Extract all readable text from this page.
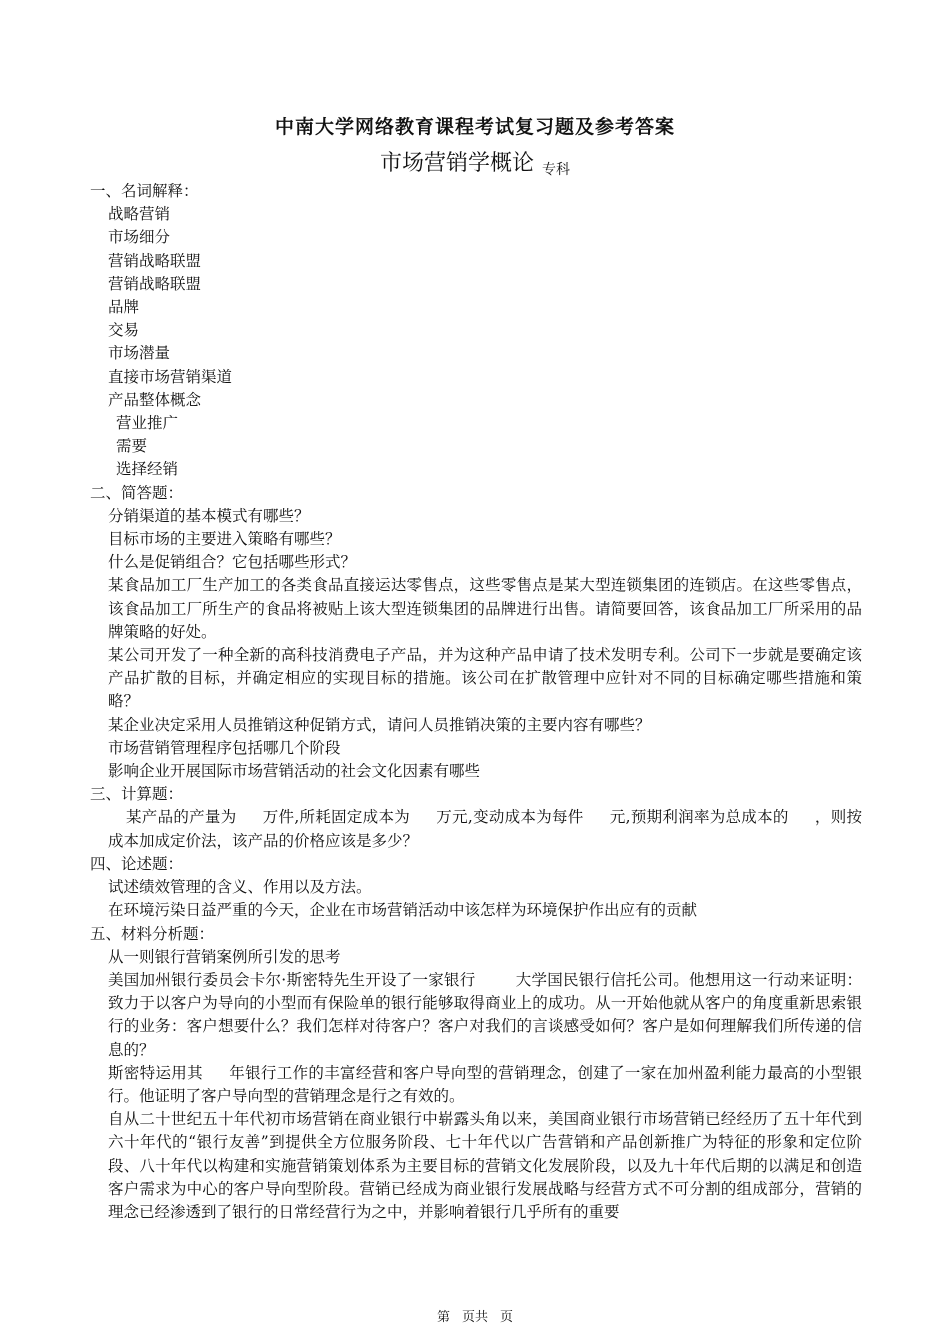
中南大学网络教育课程考试复习题及参考答案
市场营销学概论 专科
一、名词解释：
战略营销
市场细分
营销战略联盟
营销战略联盟
品牌
交易
市场潜量
直接市场营销渠道
产品整体概念
营业推广
需要
选择经销
二、简答题：
分销渠道的基本模式有哪些？
目标市场的主要进入策略有哪些？
什么是促销组合？它包括哪些形式？
某食品加工厂生产加工的各类食品直接运达零售点，这些零售点是某大型连锁集团的连锁店。在这些零售点，该食品加工厂所生产的食品将被贴上该大型连锁集团的品牌进行出售。请简要回答，该食品加工厂所采用的品牌策略的好处。
某公司开发了一种全新的高科技消费电子产品，并为这种产品申请了技术发明专利。公司下一步就是要确定该产品扩散的目标，并确定相应的实现目标的措施。该公司在扩散管理中应针对不同的目标确定哪些措施和策略？
某企业决定采用人员推销这种促销方式，请问人员推销决策的主要内容有哪些？
市场营销管理程序包括哪几个阶段
影响企业开展国际市场营销活动的社会文化因素有哪些
三、计算题：
某产品的产量为 万件,所耗固定成本为 万元,变动成本为每件 元,预期利润率为总成本的 ，则按成本加成定价法，该产品的价格应该是多少？
四、论述题：
试述绩效管理的含义、作用以及方法。
在环境污染日益严重的今天，企业在市场营销活动中该怎样为环境保护作出应有的贡献
五、材料分析题：
从一则银行营销案例所引发的思考
美国加州银行委员会卡尔·斯密特先生开设了一家银行	大学国民银行信托公司。他想用这一行动来证明：致力于以客户为导向的小型而有保险单的银行能够取得商业上的成功。从一开始他就从客户的角度重新思索银行的业务：客户想要什么？我们怎样对待客户？客户对我们的言谈感受如何？客户是如何理解我们所传递的信息的？
斯密特运用其 年银行工作的丰富经营和客户导向型的营销理念，创建了一家在加州盈利能力最高的小型银行。他证明了客户导向型的营销理念是行之有效的。
自从二十世纪五十年代初市场营销在商业银行中崭露头角以来，美国商业银行市场营销已经经历了五十年代到六十年代的“银行友善”到提供全方位服务阶段、七十年代以广告营销和产品创新推广为特征的形象和定位阶段、八十年代以构建和实施营销策划体系为主要目标的营销文化发展阶段，以及九十年代后期的以满足和创造客户需求为中心的客户导向型阶段。营销已经成为商业银行发展战略与经营方式不可分割的组成部分，营销的理念已经渗透到了银行的日常经营行为之中，并影响着银行几乎所有的重要
第 页共 页
